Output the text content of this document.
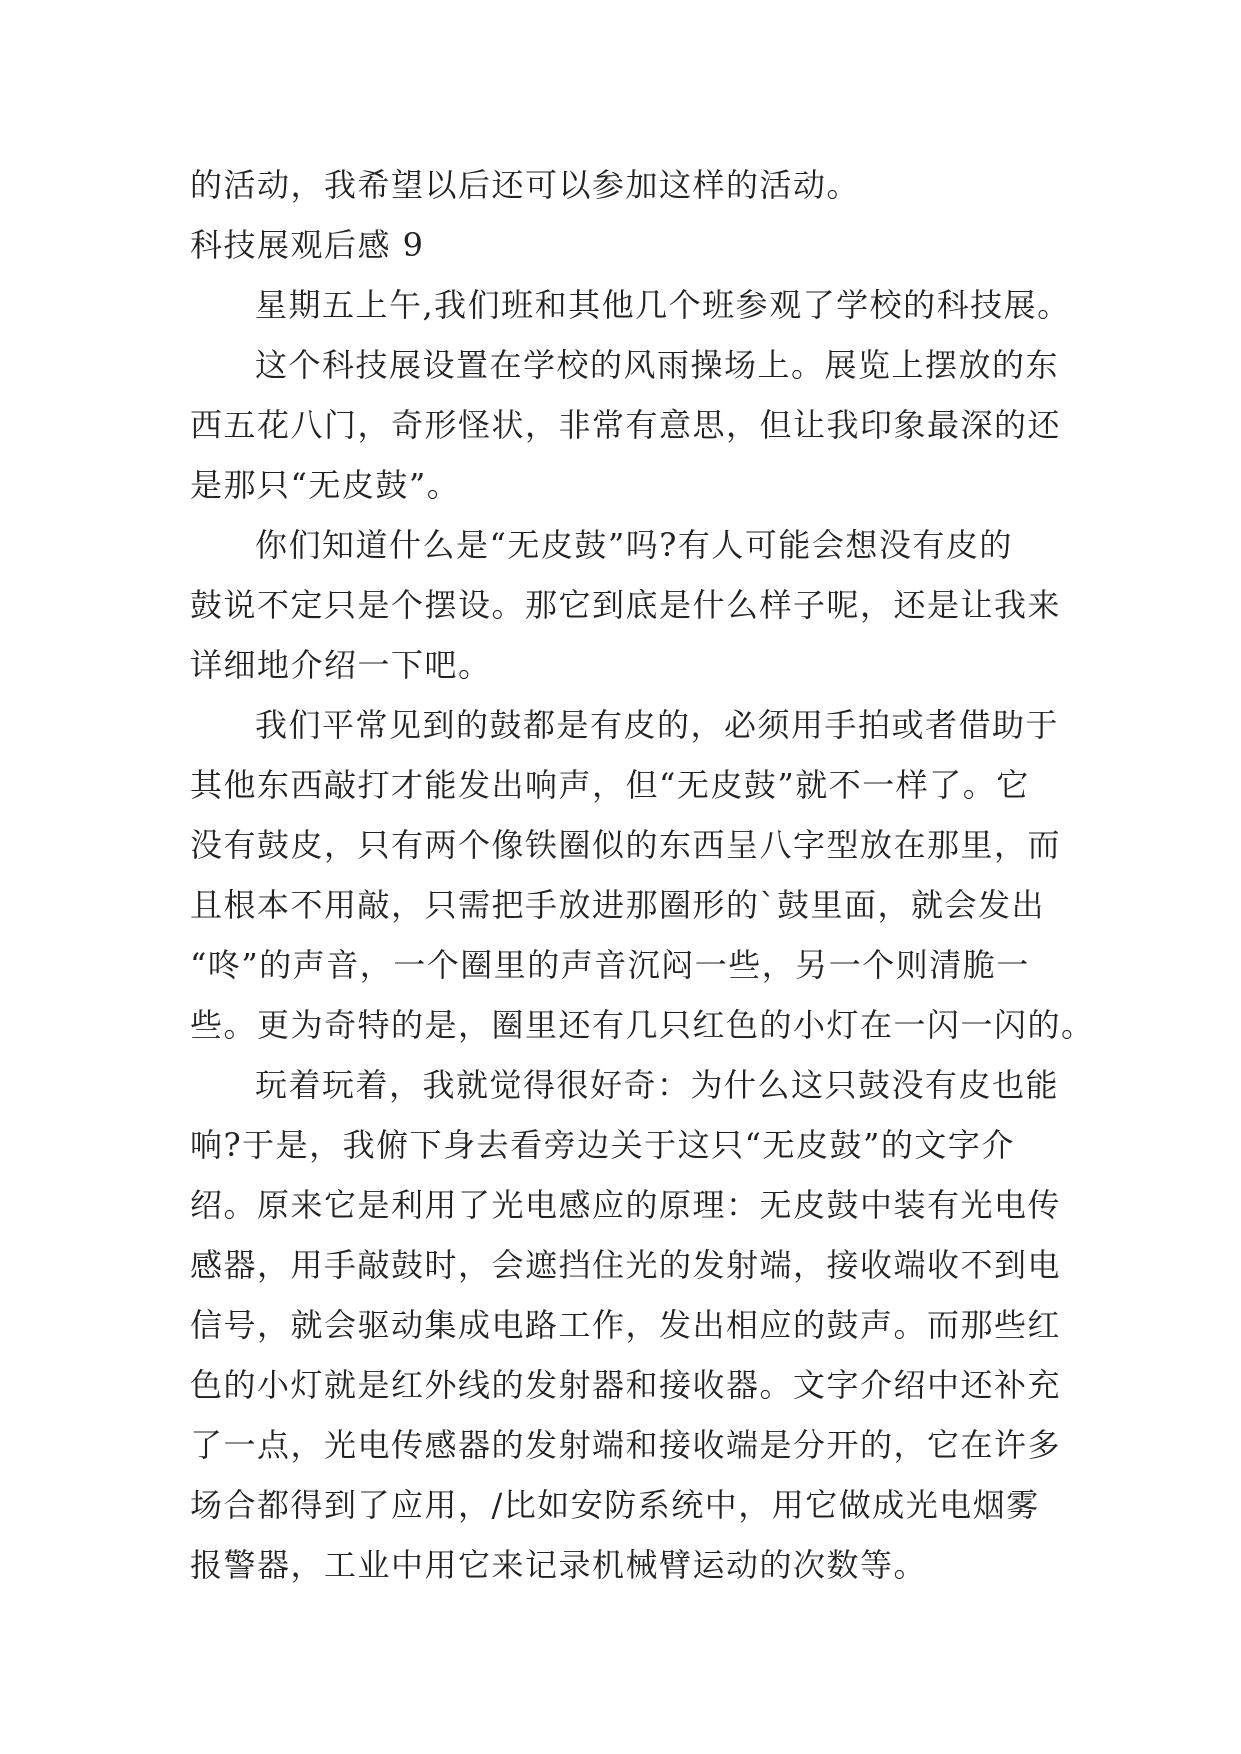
的活动，我希望以后还可以参加这样的活动。
科技展观后感 9
星期五上午,我们班和其他几个班参观了学校的科技展。
这个科技展设置在学校的风雨操场上。展览上摆放的东
西五花八门，奇形怪状，非常有意思，但让我印象最深的还
是那只“无皮鼓”。
你们知道什么是“无皮鼓”吗?有人可能会想没有皮的
鼓说不定只是个摆设。那它到底是什么样子呢，还是让我来
详细地介绍一下吧。
我们平常见到的鼓都是有皮的，必须用手拍或者借助于
其他东西敲打才能发出响声，但“无皮鼓”就不一样了。它
没有鼓皮，只有两个像铁圈似的东西呈八字型放在那里，而
且根本不用敲，只需把手放进那圈形的`鼓里面，就会发出
“咚”的声音，一个圈里的声音沉闷一些，另一个则清脆一
些。更为奇特的是，圈里还有几只红色的小灯在一闪一闪的。
玩着玩着，我就觉得很好奇：为什么这只鼓没有皮也能
响?于是，我俯下身去看旁边关于这只“无皮鼓”的文字介
绍。原来它是利用了光电感应的原理：无皮鼓中装有光电传
感器，用手敲鼓时，会遮挡住光的发射端，接收端收不到电
信号，就会驱动集成电路工作，发出相应的鼓声。而那些红
色的小灯就是红外线的发射器和接收器。文字介绍中还补充
了一点，光电传感器的发射端和接收端是分开的，它在许多
场合都得到了应用，/比如安防系统中，用它做成光电烟雾
报警器，工业中用它来记录机械臂运动的次数等。
